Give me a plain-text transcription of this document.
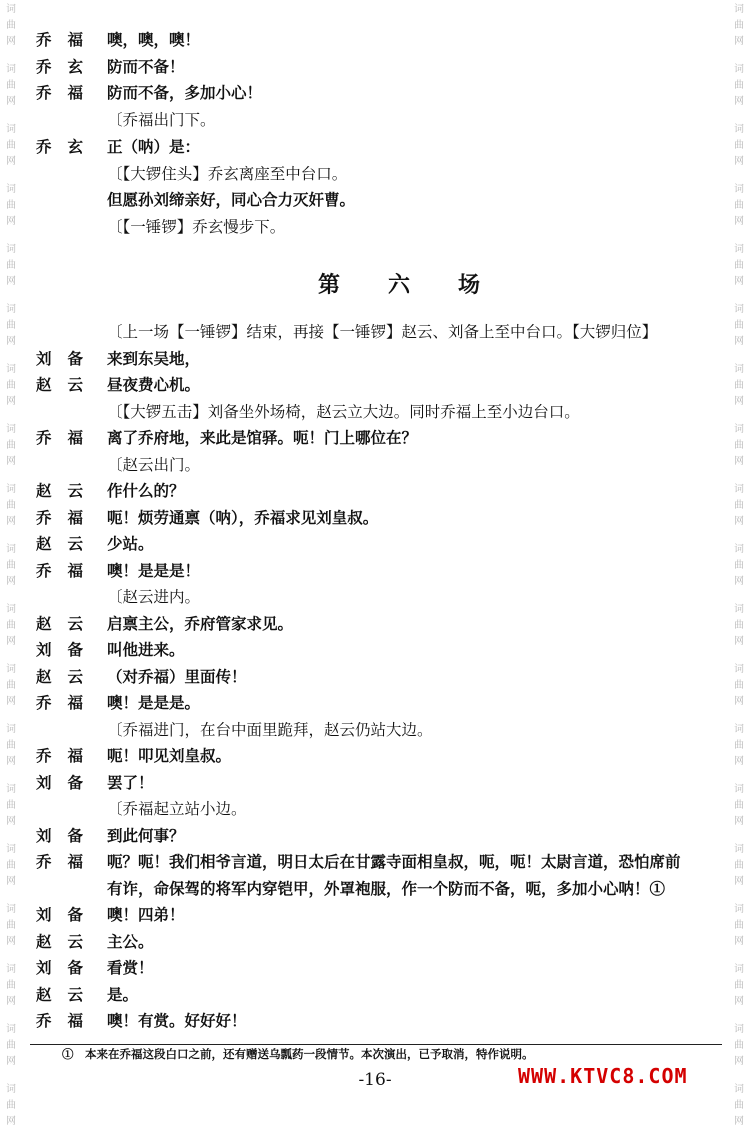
词
曲
网
词
曲
网
词
曲
网
词
曲
网
词
曲
网
词
曲
网
词
曲
网
词
曲
网
词
曲
网
词
曲
网
词
曲
网
词
曲
网
词
曲
网
词
曲
网
词
曲
网
词
曲
网
词
曲
网
词
曲
网
词
曲
网
词
曲
网
词
曲
网
词
曲
网
词
曲
网
词
曲
网
词
曲
网
词
曲
网
词
曲
网
词
曲
网
词
曲
网
词
曲
网
词
曲
网
词
曲
网
词
曲
网
词
曲
网
词
曲
网
词
曲
网
词
曲
网
词
曲
网
乔福 噢，噢，噢！
乔玄 防而不备！
乔福 防而不备，多加小心！
〔乔福出门下。
乔玄 正（呐）是：
〔【大锣住头】乔玄离座至中台口。
但愿孙刘缔亲好，同心合力灭奸曹。
〔【一锤锣】乔玄慢步下。
第六场
〔上一场【一锤锣】结束，再接【一锤锣】赵云、刘备上至中台口。【大锣归位】
刘备 来到东吴地，
赵云 昼夜费心机。
〔【大锣五击】刘备坐外场椅，赵云立大边。同时乔福上至小边台口。
乔福 离了乔府地，来此是馆驿。呃！门上哪位在？
〔赵云出门。
赵云 作什么的？
乔福 呃！烦劳通禀（呐），乔福求见刘皇叔。
赵云 少站。
乔福 噢！是是是！
〔赵云进内。
赵云 启禀主公，乔府管家求见。
刘备 叫他进来。
赵云 （对乔福）里面传！
乔福 噢！是是是。
〔乔福进门，在台中面里跪拜，赵云仍站大边。
乔福 呃！叩见刘皇叔。
刘备 罢了！
〔乔福起立站小边。
刘备 到此何事？
乔福 呃？呃！我们相爷言道，明日太后在甘露寺面相皇叔，呃，呃！太尉言道，恐怕席前
有诈，命保驾的将军内穿铠甲，外罩袍服，作一个防而不备，呃，多加小心呐！①
刘备 噢！四弟！
赵云 主公。
刘备 看赏！
赵云 是。
乔福 噢！有赏。好好好！
①　本来在乔福这段白口之前，还有赠送乌瓢药一段情节。本次演出，已予取消，特作说明。
-16-	WWW.KTVC8.COM
